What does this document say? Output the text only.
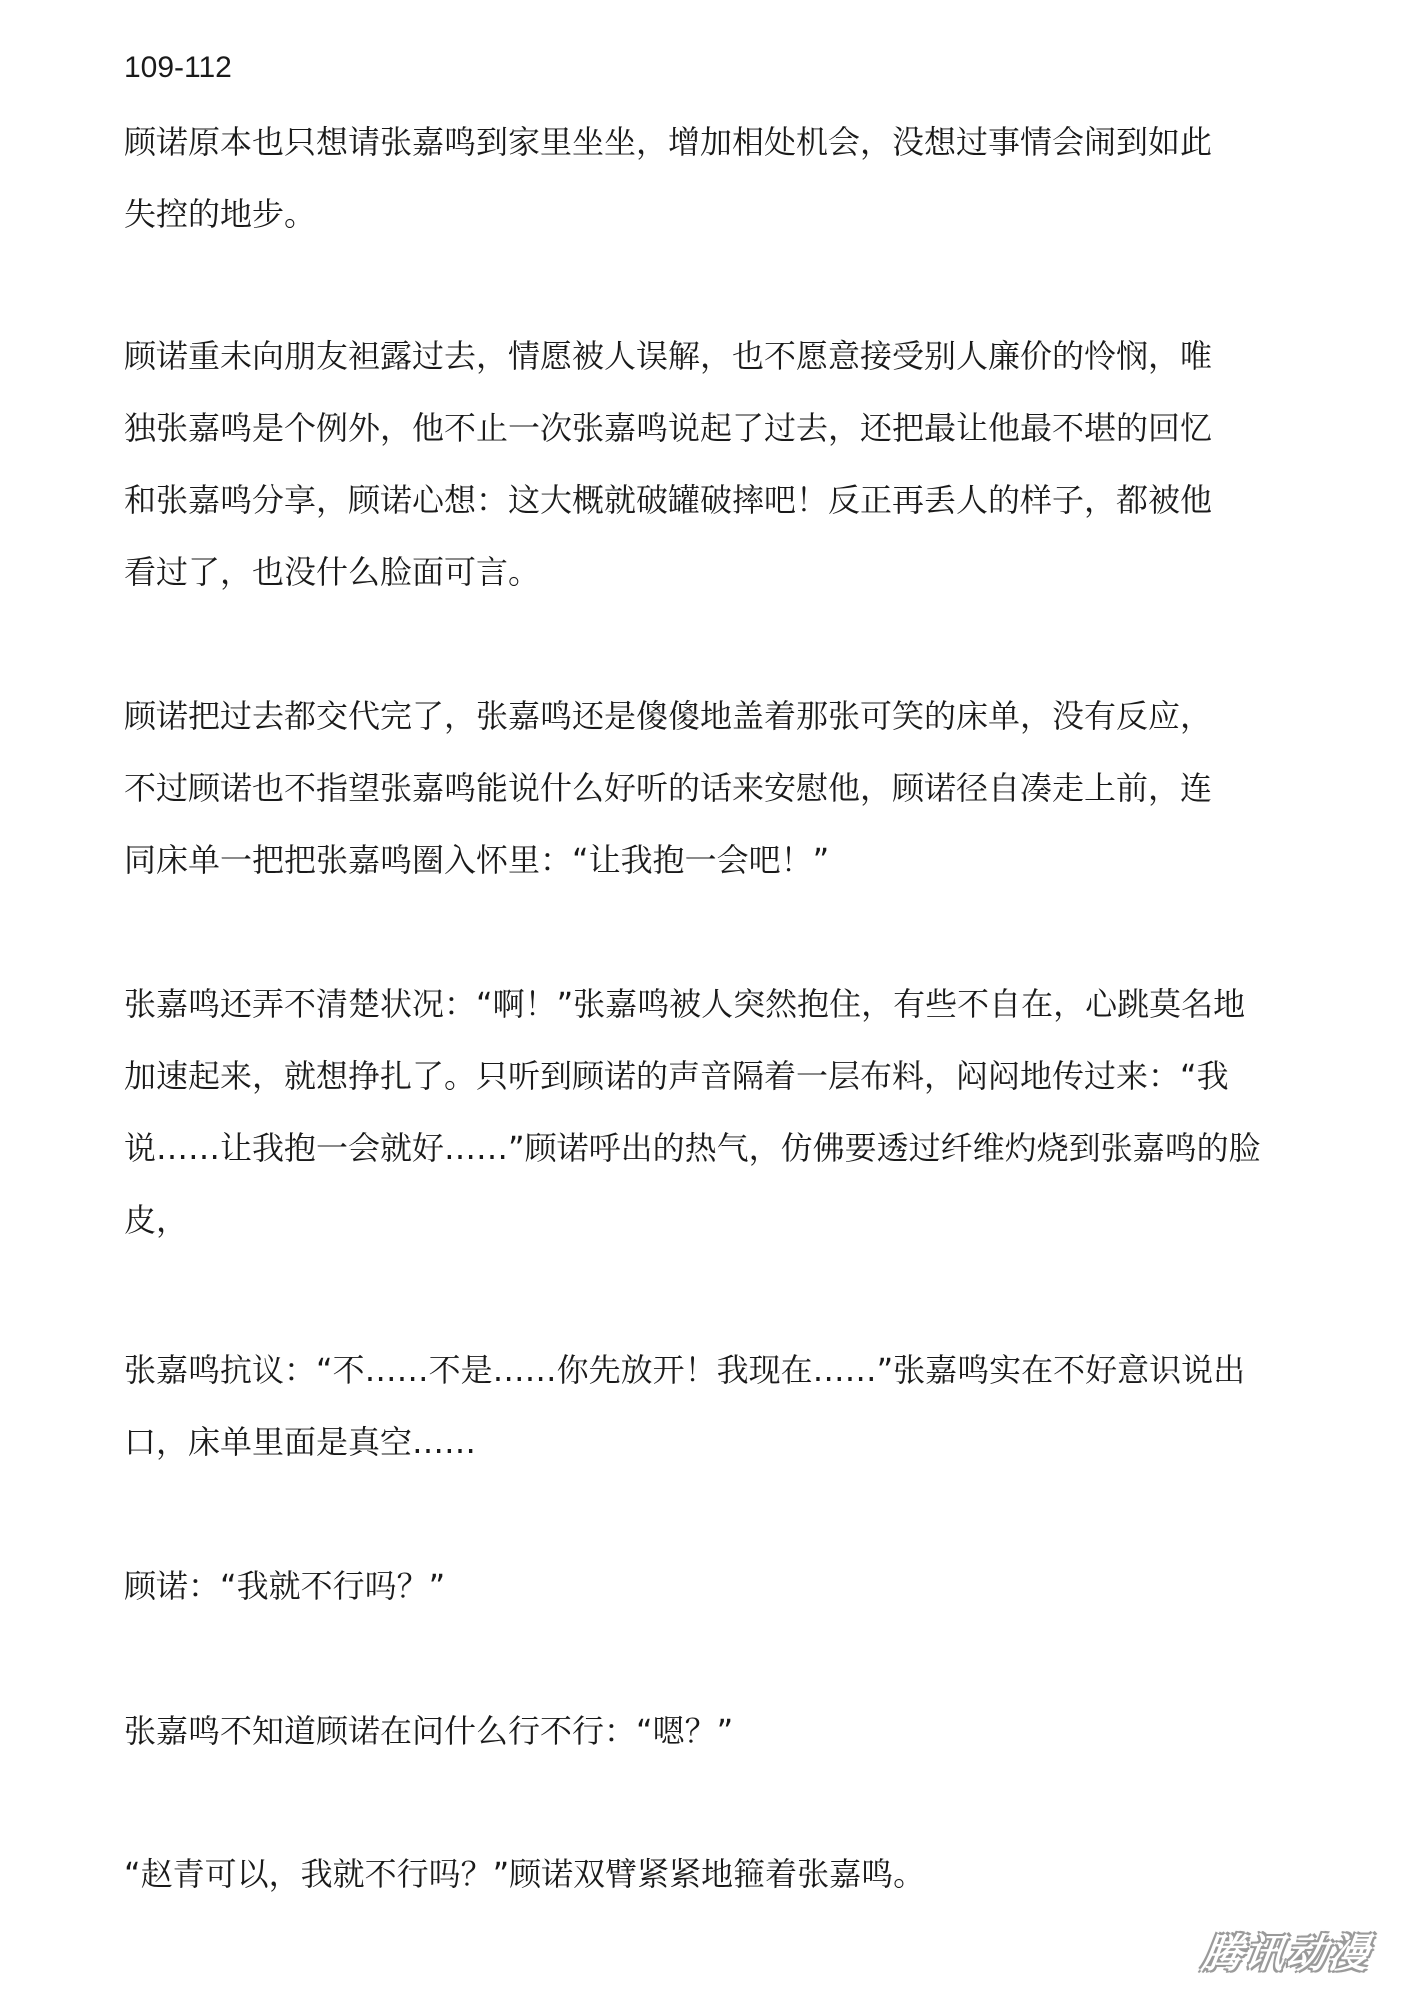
109-112

顾诺原本也只想请张嘉鸣到家里坐坐，增加相处机会，没想过事情会闹到如此
失控的地步。

顾诺重未向朋友袒露过去，情愿被人误解，也不愿意接受别人廉价的怜悯，唯
独张嘉鸣是个例外，他不止一次张嘉鸣说起了过去，还把最让他最不堪的回忆
和张嘉鸣分享，顾诺心想：这大概就破罐破摔吧！反正再丢人的样子，都被他
看过了，也没什么脸面可言。

顾诺把过去都交代完了，张嘉鸣还是傻傻地盖着那张可笑的床单，没有反应，
不过顾诺也不指望张嘉鸣能说什么好听的话来安慰他，顾诺径自凑走上前，连
同床单一把把张嘉鸣圈入怀里：“让我抱一会吧！”

张嘉鸣还弄不清楚状况：“啊！”张嘉鸣被人突然抱住，有些不自在，心跳莫名地
加速起来，就想挣扎了。只听到顾诺的声音隔着一层布料，闷闷地传过来：“我
说……让我抱一会就好……”顾诺呼出的热气，仿佛要透过纤维灼烧到张嘉鸣的脸
皮，

张嘉鸣抗议：“不……不是……你先放开！我现在……”张嘉鸣实在不好意识说出
口，床单里面是真空……

顾诺：“我就不行吗？”

张嘉鸣不知道顾诺在问什么行不行：“嗯？”

“赵青可以，我就不行吗？”顾诺双臂紧紧地箍着张嘉鸣。

腾讯动漫
